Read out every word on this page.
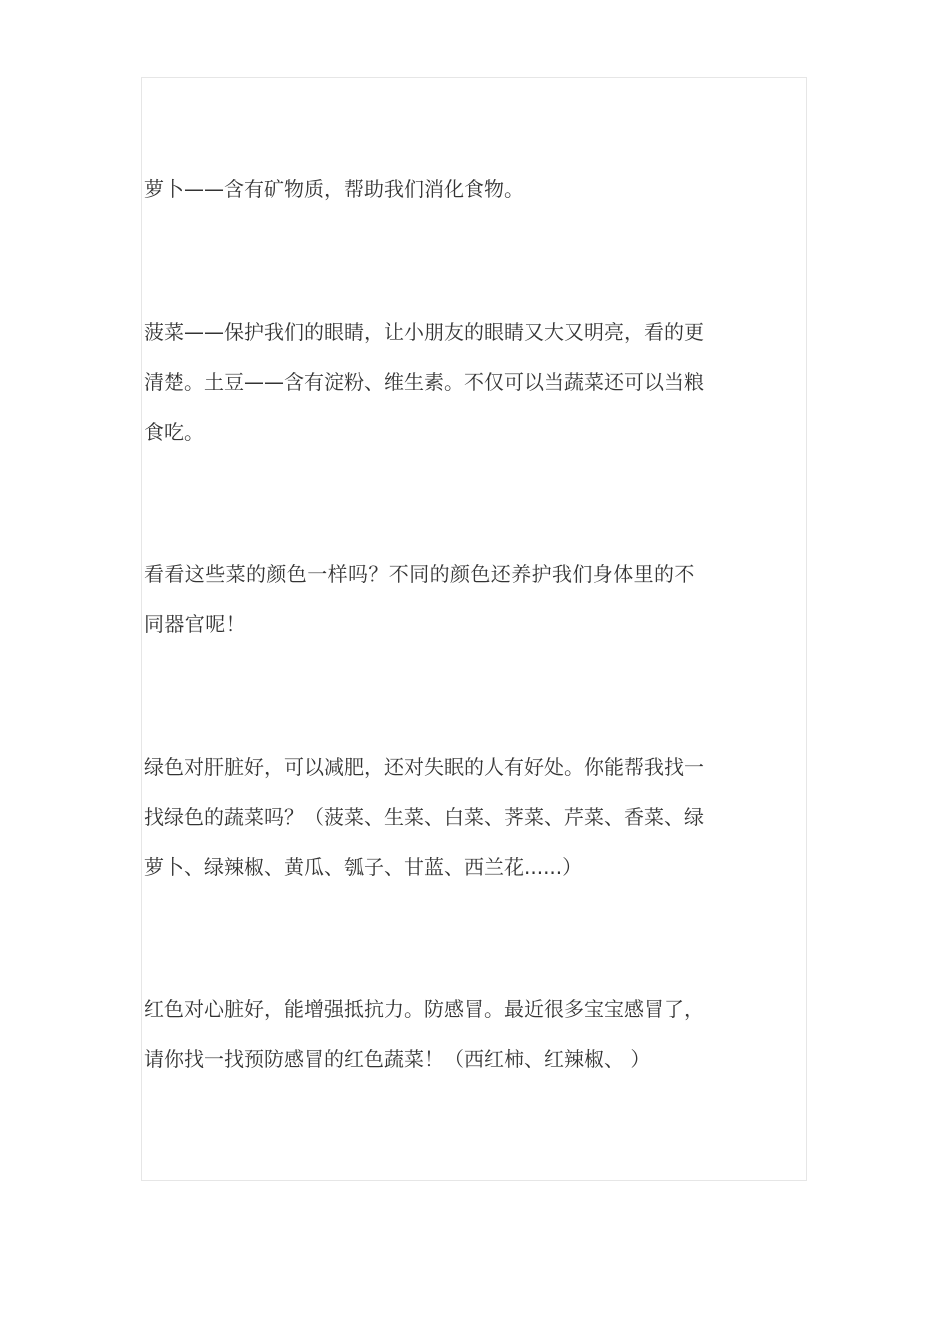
萝卜——含有矿物质，帮助我们消化食物。

菠菜——保护我们的眼睛，让小朋友的眼睛又大又明亮，看的更
清楚。土豆——含有淀粉、维生素。不仅可以当蔬菜还可以当粮
食吃。

看看这些菜的颜色一样吗？不同的颜色还养护我们身体里的不
同器官呢！

绿色对肝脏好，可以减肥，还对失眠的人有好处。你能帮我找一
找绿色的蔬菜吗？（菠菜、生菜、白菜、荠菜、芹菜、香菜、绿
萝卜、绿辣椒、黄瓜、瓠子、甘蓝、西兰花......）

红色对心脏好，能增强抵抗力。防感冒。最近很多宝宝感冒了，
请你找一找预防感冒的红色蔬菜！（西红柿、红辣椒、 ）
